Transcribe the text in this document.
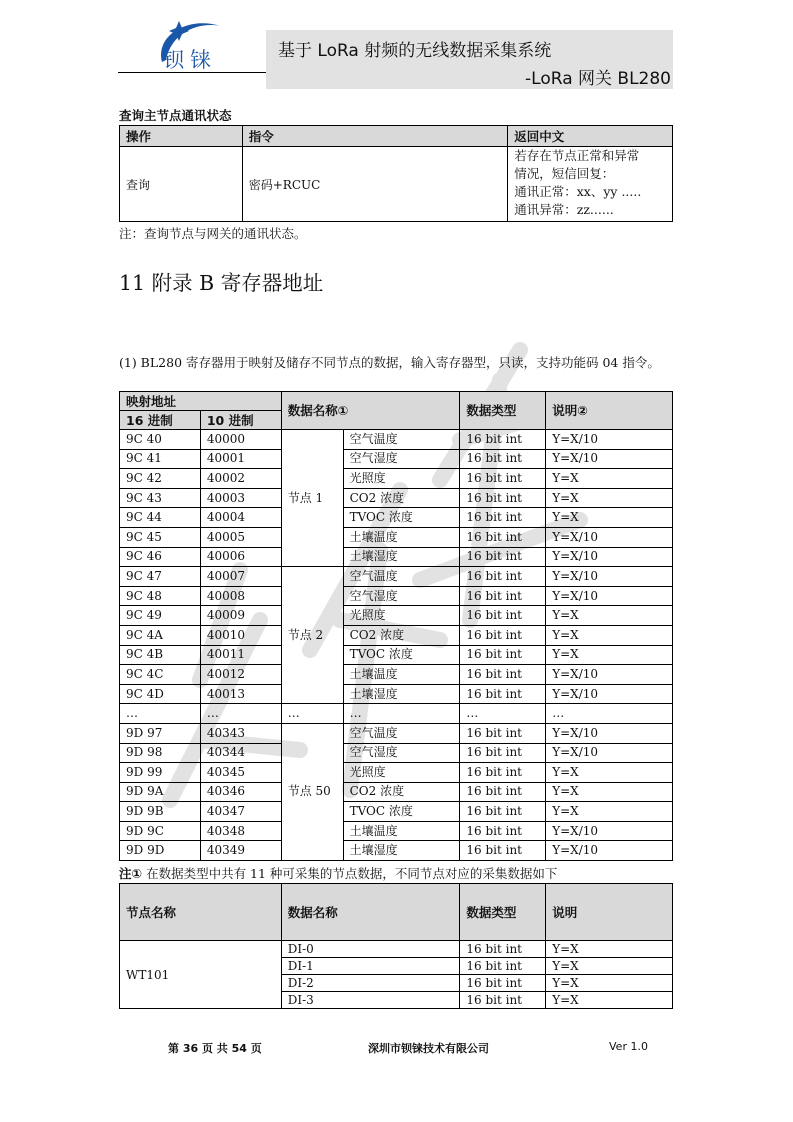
钡铼	基于 LoRa 射频的无线数据采集系统
-LoRa 网关 BL280
查询主节点通讯状态
操作	指令	返回中文
查询	密码+RCUC	若存在节点正常和异常
情况，短信回复：
通讯正常：xx、yy .....
通讯异常：zz......
注：查询节点与网关的通讯状态。
11 附录 B 寄存器地址
(1) BL280 寄存器用于映射及储存不同节点的数据，输入寄存器型，只读，支持功能码 04 指令。
映射地址		数据名称①		数据类型	说明②
16 进制	10 进制				
9C 40	40000	节点 1	空气温度	16 bit int	Y=X/10
9C 41	40001		空气湿度	16 bit int	Y=X/10
9C 42	40002		光照度	16 bit int	Y=X
9C 43	40003		CO2 浓度	16 bit int	Y=X
9C 44	40004		TVOC 浓度	16 bit int	Y=X
9C 45	40005		土壤温度	16 bit int	Y=X/10
9C 46	40006		土壤湿度	16 bit int	Y=X/10
9C 47	40007	节点 2	空气温度	16 bit int	Y=X/10
9C 48	40008		空气湿度	16 bit int	Y=X/10
9C 49	40009		光照度	16 bit int	Y=X
9C 4A	40010		CO2 浓度	16 bit int	Y=X
9C 4B	40011		TVOC 浓度	16 bit int	Y=X
9C 4C	40012		土壤温度	16 bit int	Y=X/10
9C 4D	40013		土壤湿度	16 bit int	Y=X/10
…	…	…	…	…	…
9D 97	40343	节点 50	空气温度	16 bit int	Y=X/10
9D 98	40344		空气湿度	16 bit int	Y=X/10
9D 99	40345		光照度	16 bit int	Y=X
9D 9A	40346		CO2 浓度	16 bit int	Y=X
9D 9B	40347		TVOC 浓度	16 bit int	Y=X
9D 9C	40348		土壤温度	16 bit int	Y=X/10
9D 9D	40349		土壤湿度	16 bit int	Y=X/10
注① 在数据类型中共有 11 种可采集的节点数据，不同节点对应的采集数据如下
节点名称	数据名称	数据类型	说明
WT101	DI-0	16 bit int	Y=X
	DI-1	16 bit int	Y=X
	DI-2	16 bit int	Y=X
	DI-3	16 bit int	Y=X
第 36 页 共 54 页	深圳市钡铼技术有限公司	Ver 1.0
